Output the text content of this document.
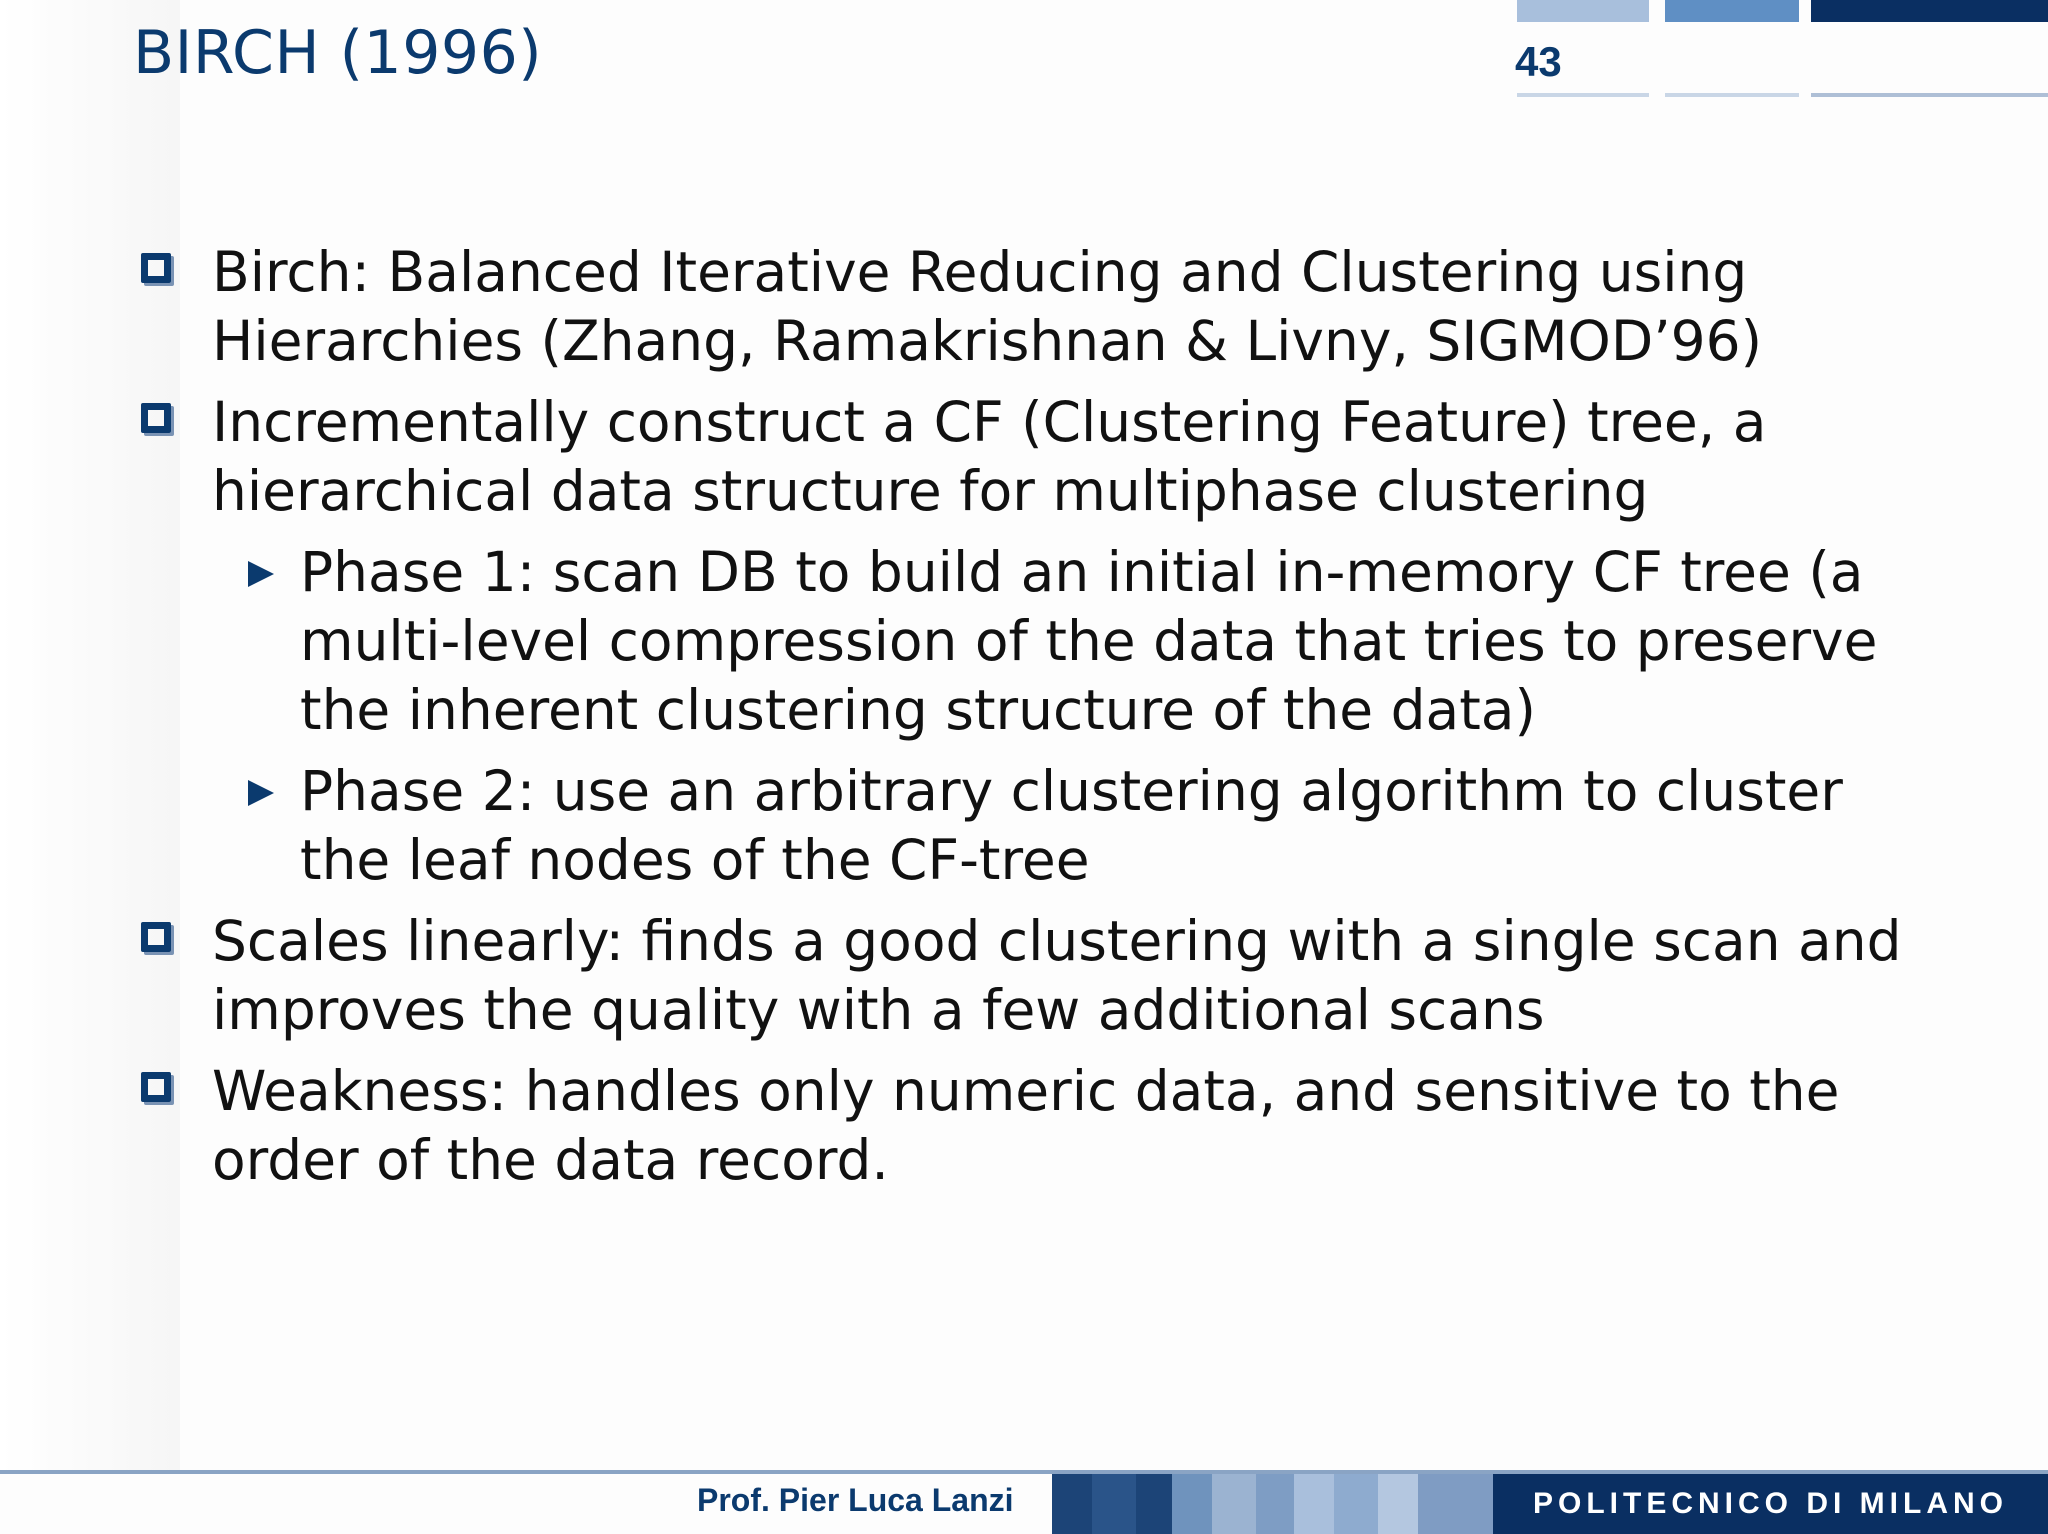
BIRCH (1996)	43
Birch: Balanced Iterative Reducing and Clustering using
Hierarchies (Zhang, Ramakrishnan & Livny, SIGMOD’96)
Incrementally construct a CF (Clustering Feature) tree, a
hierarchical data structure for multiphase clustering
Phase 1: scan DB to build an initial in-memory CF tree (a
multi-level compression of the data that tries to preserve
the inherent clustering structure of the data)
Phase 2: use an arbitrary clustering algorithm to cluster
the leaf nodes of the CF-tree
Scales linearly: finds a good clustering with a single scan and
improves the quality with a few additional scans
Weakness: handles only numeric data, and sensitive to the
order of the data record.
Prof. Pier Luca Lanzi	POLITECNICO DI MILANO
